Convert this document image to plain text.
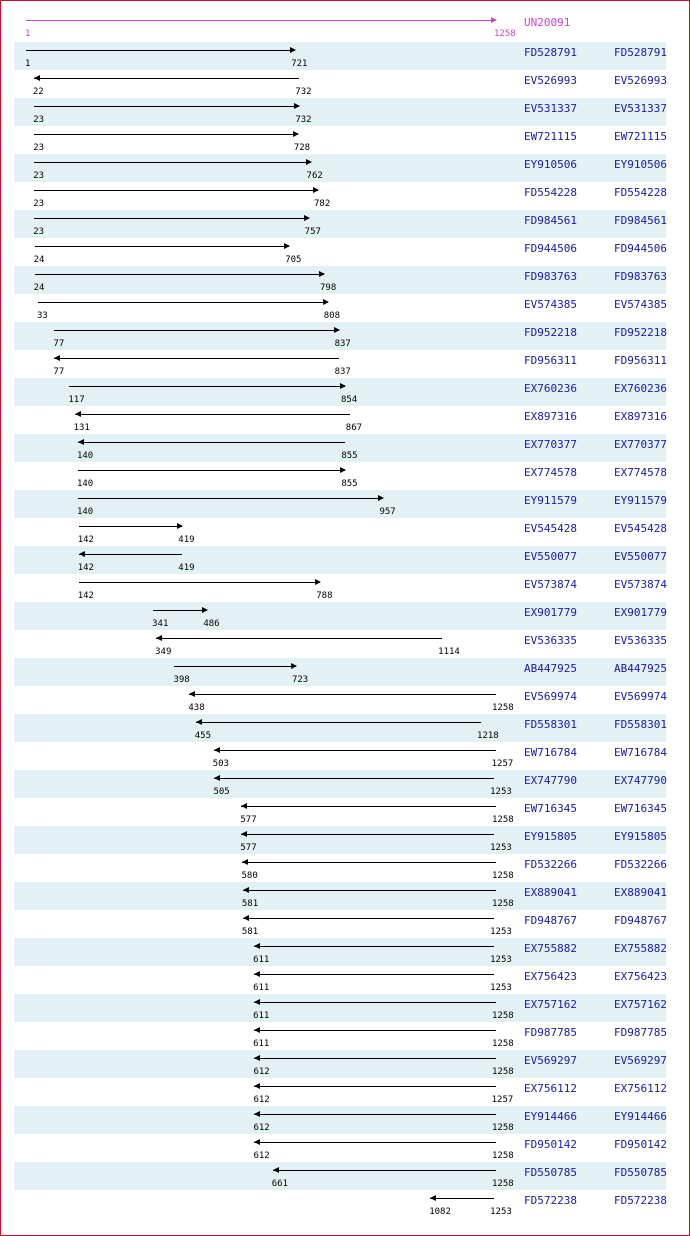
1	1258
UN20091
1	721
FD528791	FD528791
22	732
EV526993	EV526993
23	732
EV531337	EV531337
23	728
EW721115	EW721115
23	762
EY910506	EY910506
23	782
FD554228	FD554228
23	757
FD984561	FD984561
24	705
FD944506	FD944506
24	798
FD983763	FD983763
33	808
EV574385	EV574385
77	837
FD952218	FD952218
77	837
FD956311	FD956311
117	854
EX760236	EX760236
131	867
EX897316	EX897316
140	855
EX770377	EX770377
140	855
EX774578	EX774578
140	957
EY911579	EY911579
142	419
EV545428	EV545428
142	419
EV550077	EV550077
142	788
EV573874	EV573874
341	486
EX901779	EX901779
349	1114
EV536335	EV536335
398	723
AB447925	AB447925
438	1258
EV569974	EV569974
455	1218
FD558301	FD558301
503	1257
EW716784	EW716784
505	1253
EX747790	EX747790
577	1258
EW716345	EW716345
577	1253
EY915805	EY915805
580	1258
FD532266	FD532266
581	1258
EX889041	EX889041
581	1253
FD948767	FD948767
611	1253
EX755882	EX755882
611	1253
EX756423	EX756423
611	1258
EX757162	EX757162
611	1258
FD987785	FD987785
612	1258
EV569297	EV569297
612	1257
EX756112	EX756112
612	1258
EY914466	EY914466
612	1258
FD950142	FD950142
661	1258
FD550785	FD550785
1082	1253
FD572238	FD572238
